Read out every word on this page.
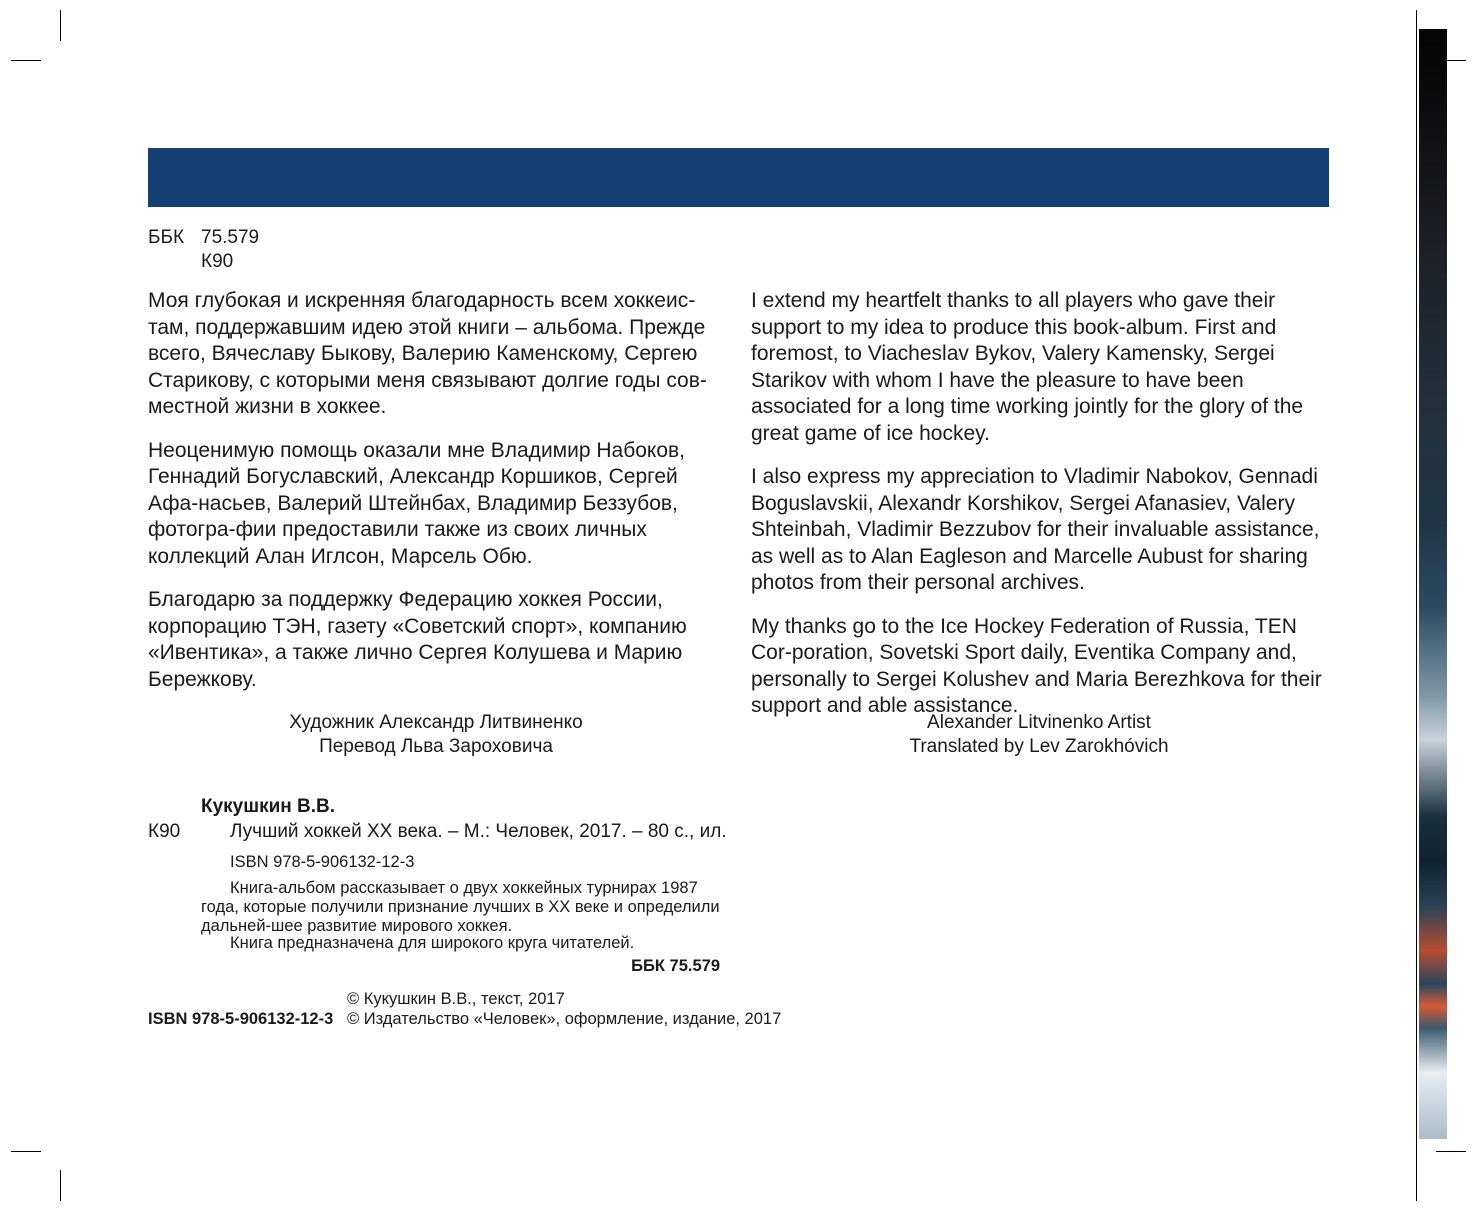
ББК 75.579
К90

Моя глубокая и искренняя благодарность всем хоккеис-там, поддержавшим идею этой книги – альбома. Прежде всего, Вячеславу Быкову, Валерию Каменскому, Сергею Старикову, с которыми меня связывают долгие годы сов-местной жизни в хоккее.

Неоценимую помощь оказали мне Владимир Набоков, Геннадий Богуславский, Александр Коршиков, Сергей Афа-насьев, Валерий Штейнбах, Владимир Беззубов, фотогра-фии предоставили также из своих личных коллекций Алан Иглсон, Марсель Обю.

Благодарю за поддержку Федерацию хоккея России, корпорацию ТЭН, газету «Советский спорт», компанию «Ивентика», а также лично Сергея Колушева и Марию Бережкову.

I extend my heartfelt thanks to all players who gave their support to my idea to produce this book-album. First and foremost, to Viacheslav Bykov, Valery Kamensky, Sergei Starikov with whom I have the pleasure to have been associated for a long time working jointly for the glory of the great game of ice hockey.

I also express my appreciation to Vladimir Nabokov, Gennadi Boguslavskii, Alexandr Korshikov, Sergei Afanasiev, Valery Shteinbah, Vladimir Bezzubov for their invaluable assistance, as well as to Alan Eagleson and Marcelle Aubust for sharing photos from their personal archives.

My thanks go to the Ice Hockey Federation of Russia, TEN Cor-poration, Sovetski Sport daily, Eventika Company and, personally to Sergei Kolushev and Maria Berezhkova for their support and able assistance.

Художник Александр Литвиненко
Перевод Льва Зароховича
Alexander Litvinenko Artist
Translated by Lev Zarokhóvich
Кукушкин В.В.
К90	Лучший хоккей XX века. – М.: Человек, 2017. – 80 с., ил.
ISBN 978-5-906132-12-3
Книга-альбом рассказывает о двух хоккейных турнирах 1987 года, которые получили признание лучших в XX веке и определили дальней-шее развитие мирового хоккея.
Книга предназначена для широкого круга читателей.
ББК 75.579
ISBN 978-5-906132-12-3
© Кукушкин В.В., текст, 2017
© Издательство «Человек», оформление, издание, 2017
